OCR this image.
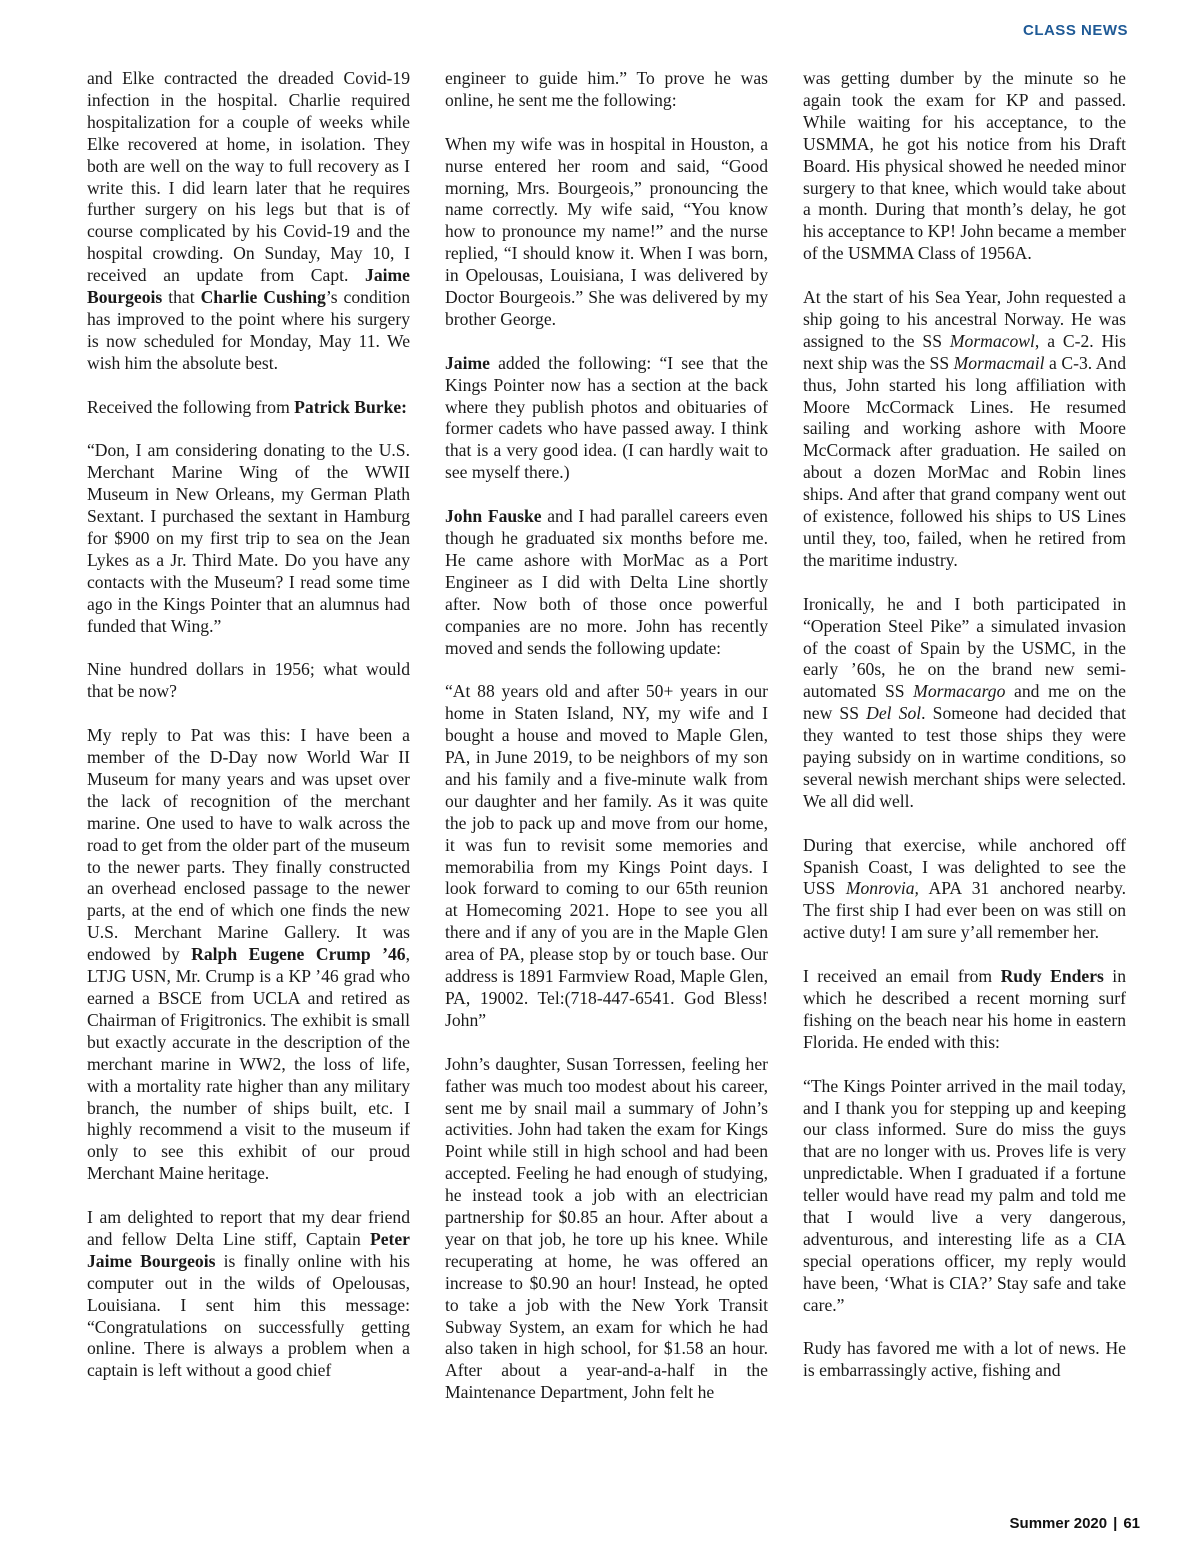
CLASS NEWS

and Elke contracted the dreaded Covid-19 infection in the hospital. Charlie required hospitalization for a couple of weeks while Elke recovered at home, in isolation. They both are well on the way to full recovery as I write this. I did learn later that he requires further surgery on his legs but that is of course complicated by his Covid-19 and the hospital crowding. On Sunday, May 10, I received an update from Capt. Jaime Bourgeois that Charlie Cushing’s condition has improved to the point where his surgery is now scheduled for Monday, May 11. We wish him the absolute best.

Received the following from Patrick Burke:

“Don, I am considering donating to the U.S. Merchant Marine Wing of the WWII Museum in New Orleans, my German Plath Sextant. I purchased the sextant in Hamburg for $900 on my first trip to sea on the Jean Lykes as a Jr. Third Mate. Do you have any contacts with the Museum? I read some time ago in the Kings Pointer that an alumnus had funded that Wing.”

Nine hundred dollars in 1956; what would that be now?

My reply to Pat was this: I have been a member of the D-Day now World War II Museum for many years and was upset over the lack of recognition of the merchant marine. One used to have to walk across the road to get from the older part of the museum to the newer parts. They finally constructed an overhead enclosed passage to the newer parts, at the end of which one finds the new U.S. Merchant Marine Gallery. It was endowed by Ralph Eugene Crump ’46, LTJG USN, Mr. Crump is a KP ’46 grad who earned a BSCE from UCLA and retired as Chairman of Frigitronics. The exhibit is small but exactly accurate in the description of the merchant marine in WW2, the loss of life, with a mortality rate higher than any military branch, the number of ships built, etc. I highly recommend a visit to the museum if only to see this exhibit of our proud Merchant Maine heritage.

I am delighted to report that my dear friend and fellow Delta Line stiff, Captain Peter Jaime Bourgeois is finally online with his computer out in the wilds of Opelousas, Louisiana. I sent him this message: “Congratulations on successfully getting online. There is always a problem when a captain is left without a good chief

engineer to guide him.” To prove he was online, he sent me the following:

When my wife was in hospital in Houston, a nurse entered her room and said, “Good morning, Mrs. Bourgeois,” pronouncing the name correctly. My wife said, “You know how to pronounce my name!” and the nurse replied, “I should know it. When I was born, in Opelousas, Louisiana, I was delivered by Doctor Bourgeois.” She was delivered by my brother George.

Jaime added the following: “I see that the Kings Pointer now has a section at the back where they publish photos and obituaries of former cadets who have passed away. I think that is a very good idea. (I can hardly wait to see myself there.)

John Fauske and I had parallel careers even though he graduated six months before me. He came ashore with MorMac as a Port Engineer as I did with Delta Line shortly after. Now both of those once powerful companies are no more. John has recently moved and sends the following update:

“At 88 years old and after 50+ years in our home in Staten Island, NY, my wife and I bought a house and moved to Maple Glen, PA, in June 2019, to be neighbors of my son and his family and a five-minute walk from our daughter and her family. As it was quite the job to pack up and move from our home, it was fun to revisit some memories and memorabilia from my Kings Point days. I look forward to coming to our 65th reunion at Homecoming 2021. Hope to see you all there and if any of you are in the Maple Glen area of PA, please stop by or touch base. Our address is 1891 Farmview Road, Maple Glen, PA, 19002. Tel:(718-447-6541. God Bless! John”

John’s daughter, Susan Torressen, feeling her father was much too modest about his career, sent me by snail mail a summary of John’s activities. John had taken the exam for Kings Point while still in high school and had been accepted. Feeling he had enough of studying, he instead took a job with an electrician partnership for $0.85 an hour. After about a year on that job, he tore up his knee. While recuperating at home, he was offered an increase to $0.90 an hour! Instead, he opted to take a job with the New York Transit Subway System, an exam for which he had also taken in high school, for $1.58 an hour. After about a year-and-a-half in the Maintenance Department, John felt he

was getting dumber by the minute so he again took the exam for KP and passed. While waiting for his acceptance, to the USMMA, he got his notice from his Draft Board. His physical showed he needed minor surgery to that knee, which would take about a month. During that month’s delay, he got his acceptance to KP! John became a member of the USMMA Class of 1956A.

At the start of his Sea Year, John requested a ship going to his ancestral Norway. He was assigned to the SS Mormacowl, a C-2. His next ship was the SS Mormacmail a C-3. And thus, John started his long affiliation with Moore McCormack Lines. He resumed sailing and working ashore with Moore McCormack after graduation. He sailed on about a dozen MorMac and Robin lines ships. And after that grand company went out of existence, followed his ships to US Lines until they, too, failed, when he retired from the maritime industry.

Ironically, he and I both participated in “Operation Steel Pike” a simulated invasion of the coast of Spain by the USMC, in the early ’60s, he on the brand new semi-automated SS Mormacargo and me on the new SS Del Sol. Someone had decided that they wanted to test those ships they were paying subsidy on in wartime conditions, so several newish merchant ships were selected. We all did well.

During that exercise, while anchored off Spanish Coast, I was delighted to see the USS Monrovia, APA 31 anchored nearby. The first ship I had ever been on was still on active duty! I am sure y’all remember her.

I received an email from Rudy Enders in which he described a recent morning surf fishing on the beach near his home in eastern Florida. He ended with this:

“The Kings Pointer arrived in the mail today, and I thank you for stepping up and keeping our class informed. Sure do miss the guys that are no longer with us. Proves life is very unpredictable. When I graduated if a fortune teller would have read my palm and told me that I would live a very dangerous, adventurous, and interesting life as a CIA special operations officer, my reply would have been, ‘What is CIA?’ Stay safe and take care.”

Rudy has favored me with a lot of news. He is embarrassingly active, fishing and

Summer 2020 | 61
